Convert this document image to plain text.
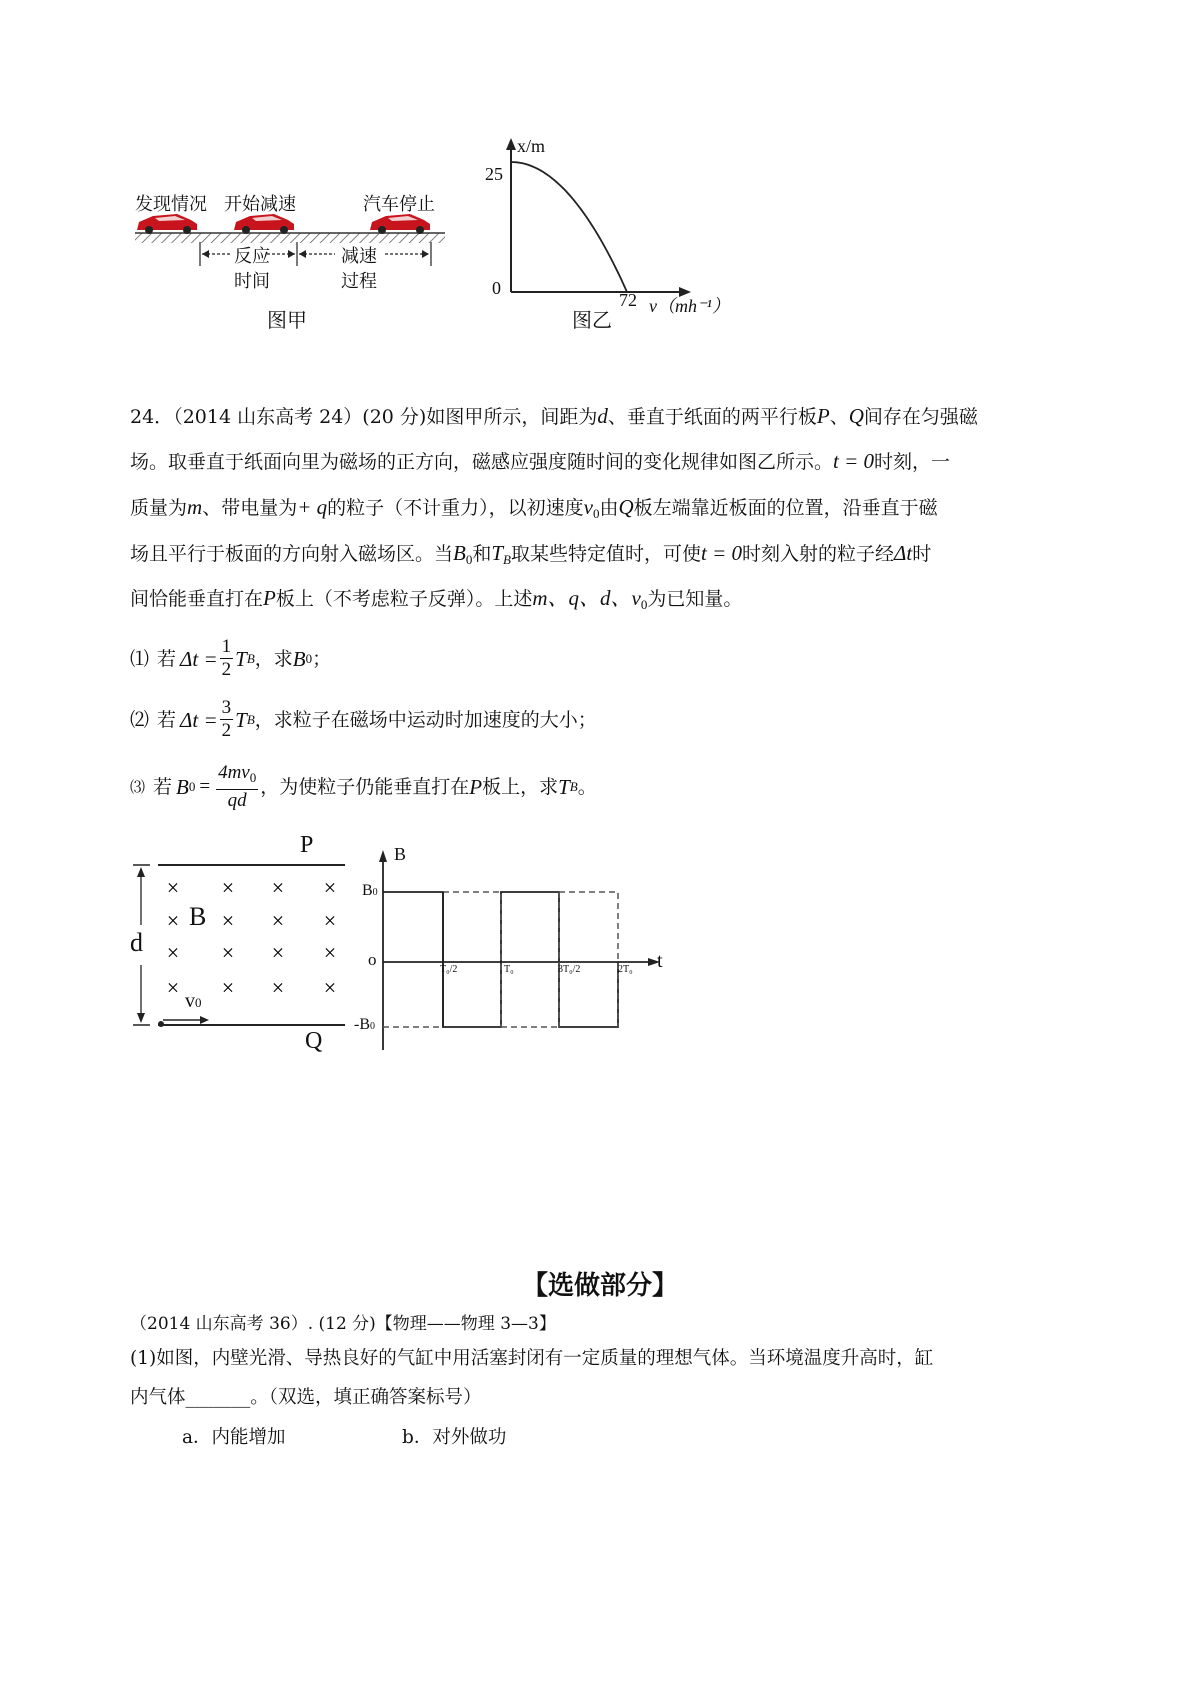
发现情况 开始减速	汽车停止
反应
时间
减速
过程
图甲
x/m
25
0
72 v（mh⁻¹）
图乙
24．（2014 山东高考 24）(20 分)如图甲所示，间距为d、垂直于纸面的两平行板P、Q间存在匀强磁
场。取垂直于纸面向里为磁场的正方向，磁感应强度随时间的变化规律如图乙所示。t = 0时刻，一
质量为m、带电量为+ q的粒子（不计重力），以初速度$v_0$由Q板左端靠近板面的位置，沿垂直于磁
场且平行于板面的方向射入磁场区。当$B_0$和$T_B$取某些特定值时，可使t = 0时刻入射的粒子经Δt时
间恰能垂直打在P板上（不考虑粒子反弹）。上述m、q、d、$v_0$为已知量。
⑴ 若 $\Delta t = \frac{1}{2}$ T B ，求 B 0 ；
⑵ 若 $\Delta t = \frac{3}{2}$ T B ，求粒子在磁场中运动时加速度的大小；
⑶ 若 B $0 = \frac{4mv_0}{qd}$ ，为使粒子仍能垂直打在 P 板上，求 T B 。
× × × ×
× × × ×
× × × ×
× × × ×
P
Q
d
B
v0
B
B0
o
-B0
t
T₀/2	T₀	3T₀/2	2T₀
【选做部分】
（2014 山东高考 36）. (12 分)【物理——物理 3—3】
(1)如图，内壁光滑、导热良好的气缸中用活塞封闭有一定质量的理想气体。当环境温度升高时，缸
内气体_______。（双选，填正确答案标号）
a．内能增加	b．对外做功
